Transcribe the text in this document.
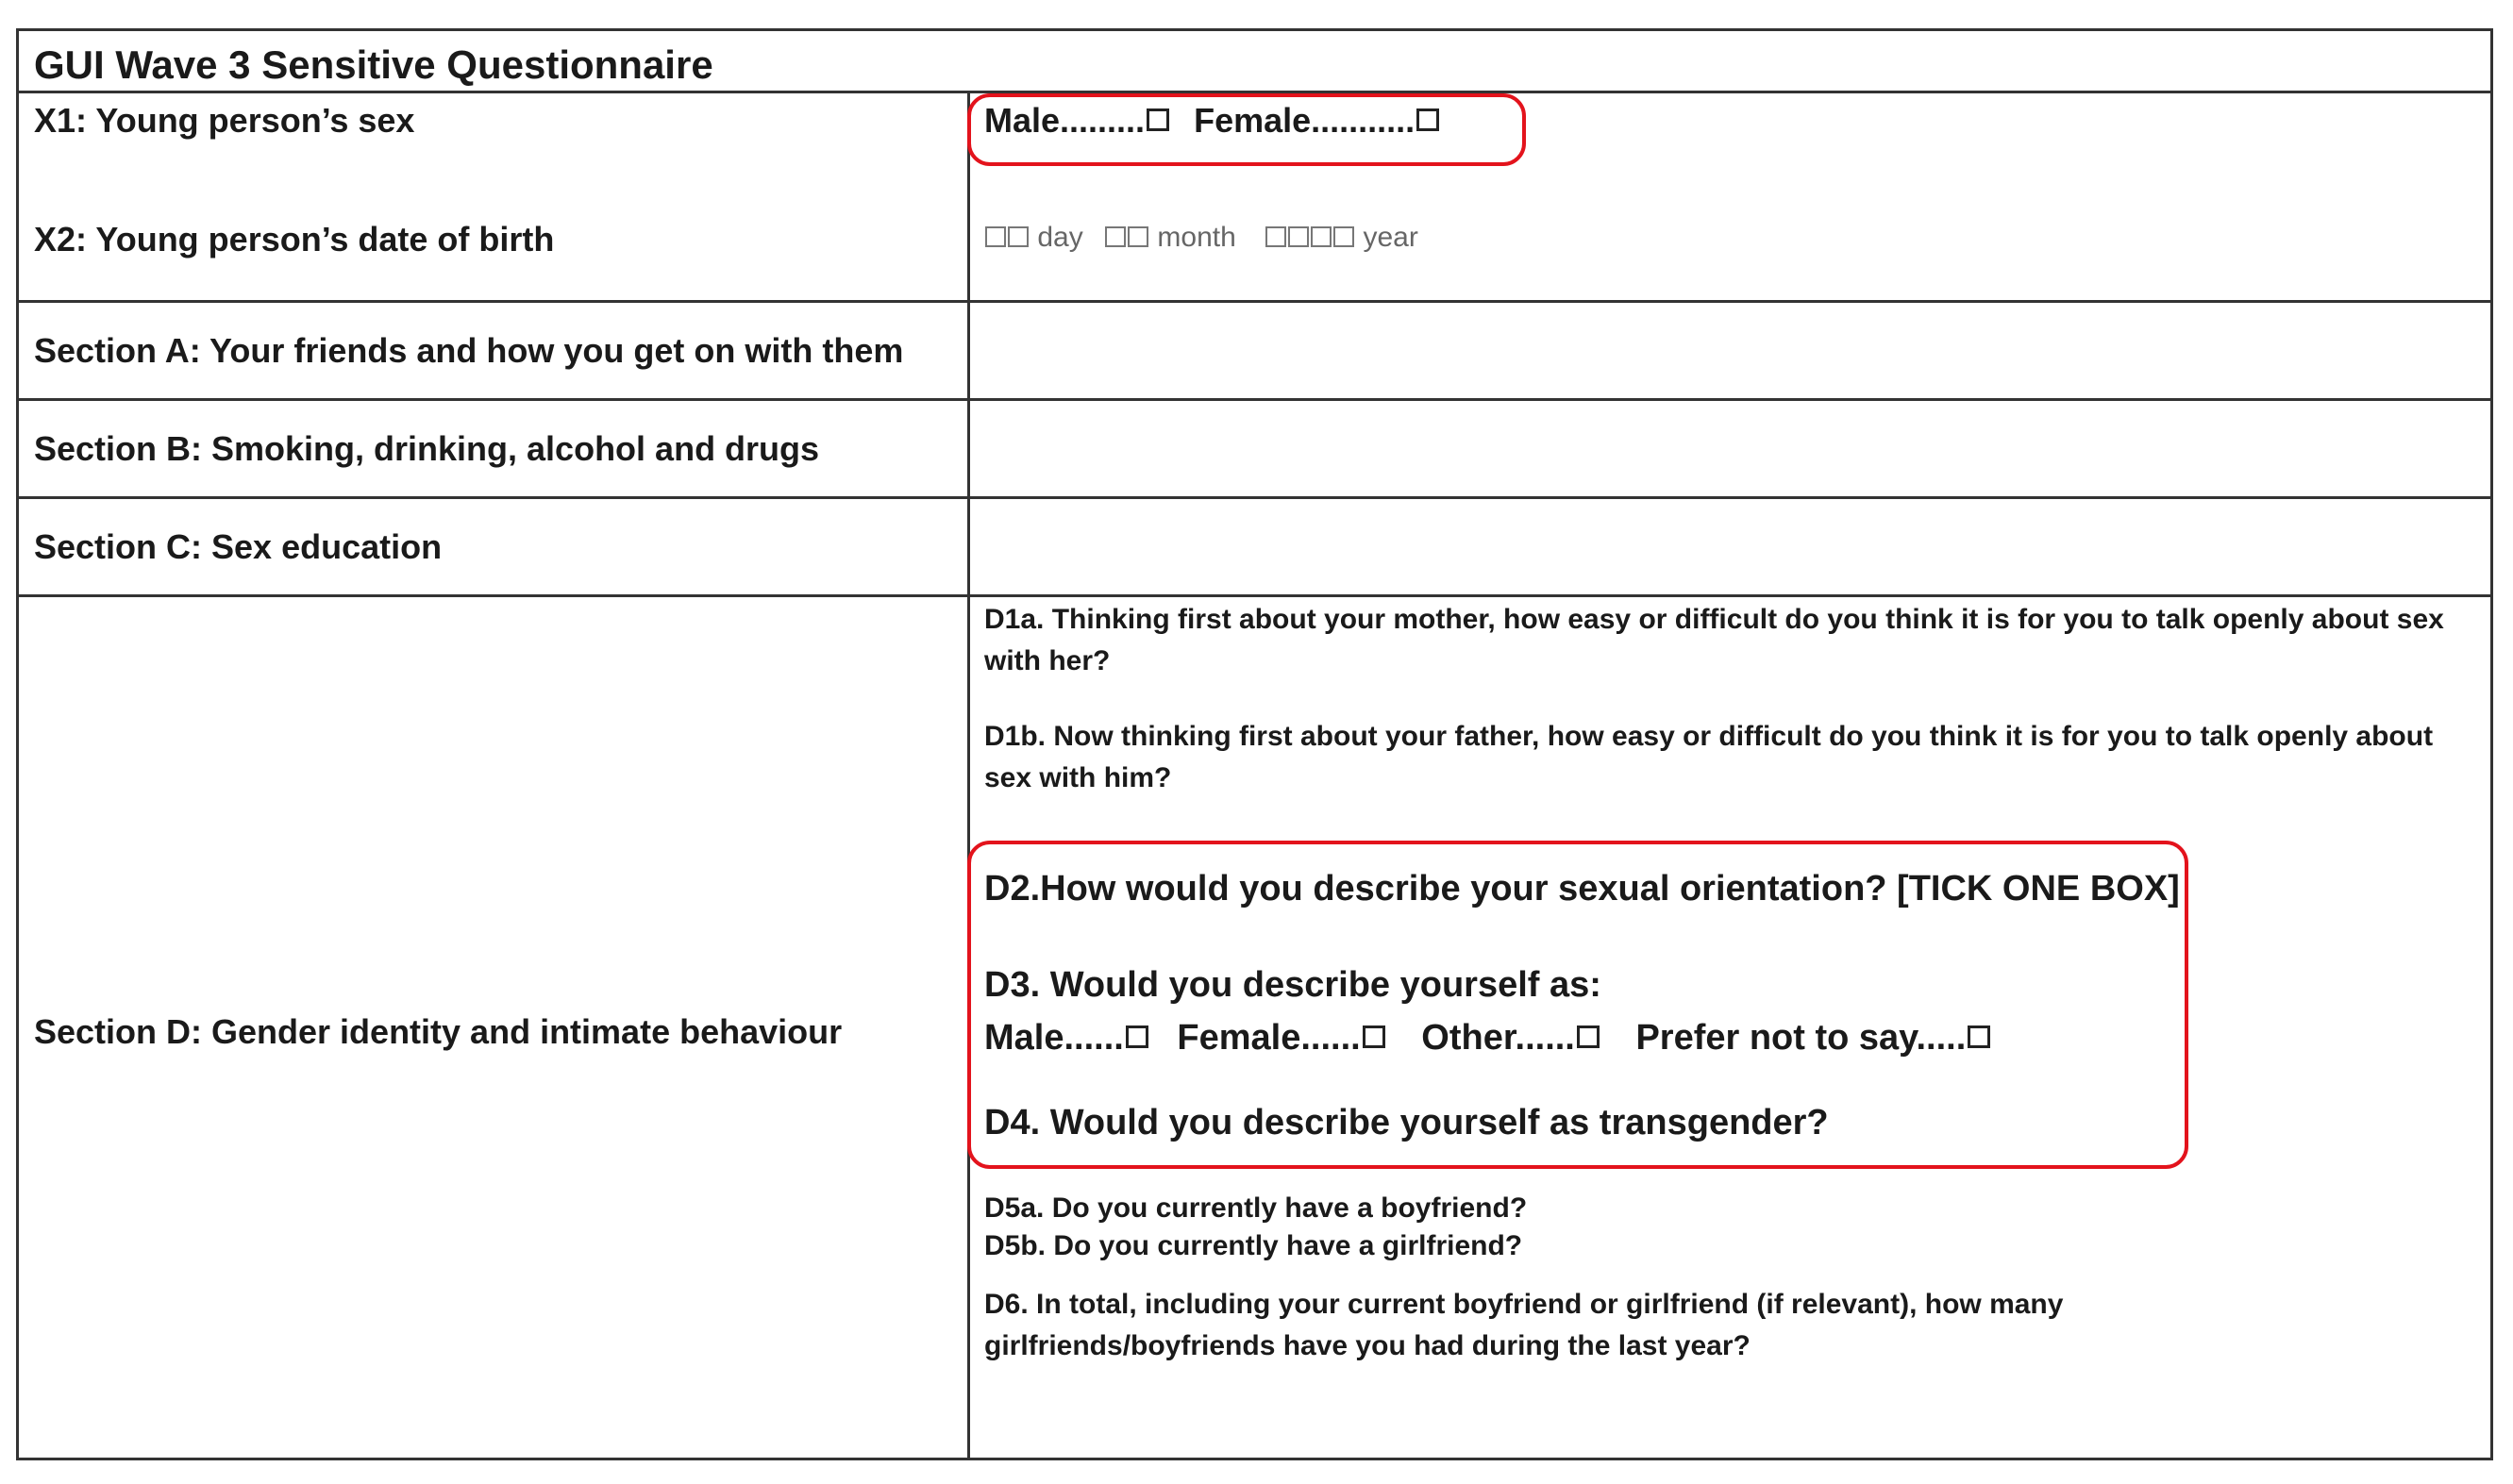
GUI Wave 3 Sensitive Questionnaire
X1: Young person’s sex	Male......... Female...........
X2: Young person’s date of birth	day	month	year
Section A: Your friends and how you get on with them
Section B: Smoking, drinking, alcohol and drugs
Section C: Sex education
Section D: Gender identity and intimate behaviour
D1a. Thinking first about your mother, how easy or difficult do you think it is for you to talk openly about sex with her?
D1b. Now thinking first about your father, how easy or difficult do you think it is for you to talk openly about sex with him?
D2.How would you describe your sexual orientation? [TICK ONE BOX]
D3. Would you describe yourself as:
Male...... Female...... Other...... Prefer not to say.....
D4. Would you describe yourself as transgender?
D5a. Do you currently have a boyfriend?
D5b. Do you currently have a girlfriend?
D6. In total, including your current boyfriend or girlfriend (if relevant), how many girlfriends/boyfriends have you had during the last year?
